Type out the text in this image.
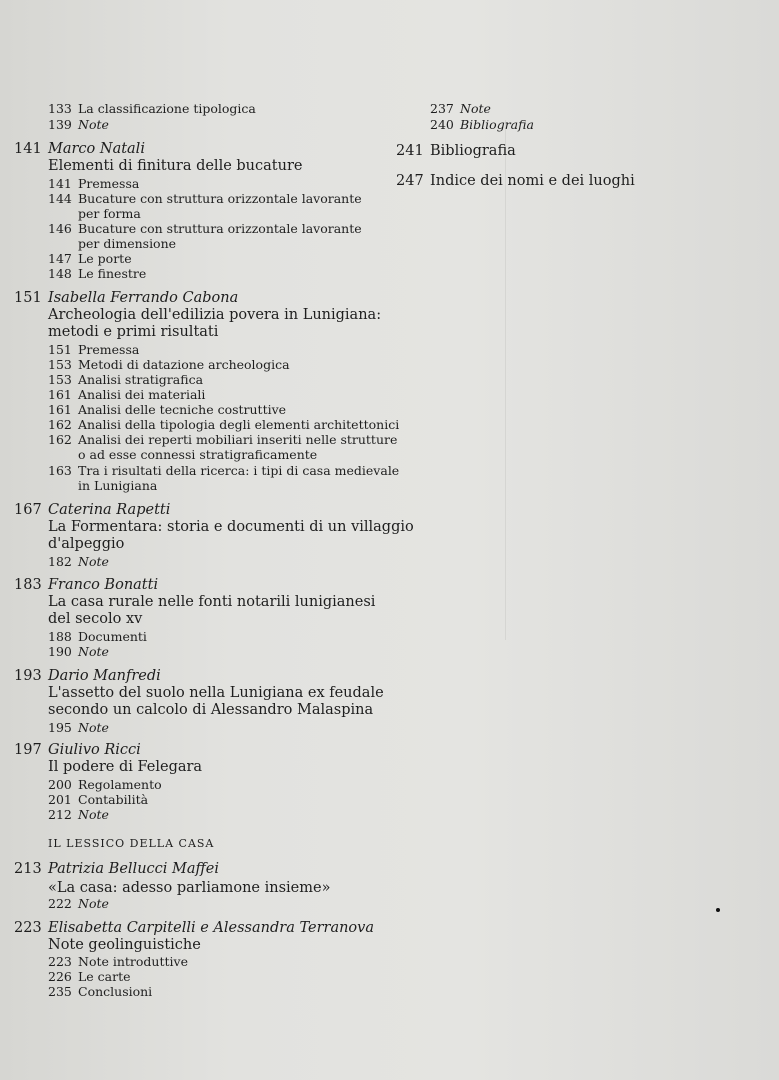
133 La classificazione tipologica
139 Note
141 Marco Natali
Elementi di finitura delle bucature
141 Premessa
144 Bucature con struttura orizzontale lavorante
per forma
146 Bucature con struttura orizzontale lavorante
per dimensione
147 Le porte
148 Le finestre
151 Isabella Ferrando Cabona
Archeologia dell'edilizia povera in Lunigiana:
metodi e primi risultati
151 Premessa
153 Metodi di datazione archeologica
153 Analisi stratigrafica
161 Analisi dei materiali
161 Analisi delle tecniche costruttive
162 Analisi della tipologia degli elementi architettonici
162 Analisi dei reperti mobiliari inseriti nelle strutture
o ad esse connessi stratigraficamente
163 Tra i risultati della ricerca: i tipi di casa medievale
in Lunigiana
167 Caterina Rapetti
La Formentara: storia e documenti di un villaggio
d'alpeggio
182 Note
183 Franco Bonatti
La casa rurale nelle fonti notarili lunigianesi
del secolo xv
188 Documenti
190 Note
193 Dario Manfredi
L'assetto del suolo nella Lunigiana ex feudale
secondo un calcolo di Alessandro Malaspina
195 Note
197 Giulivo Ricci
Il podere di Felegara
200 Regolamento
201 Contabilità
212 Note
IL LESSICO DELLA CASA
213 Patrizia Bellucci Maffei
«La casa: adesso parliamone insieme»
222 Note
223 Elisabetta Carpitelli e Alessandra Terranova
Note geolinguistiche
223 Note introduttive
226 Le carte
235 Conclusioni
237 Note
240 Bibliografia
241 Bibliografia
247 Indice dei nomi e dei luoghi
